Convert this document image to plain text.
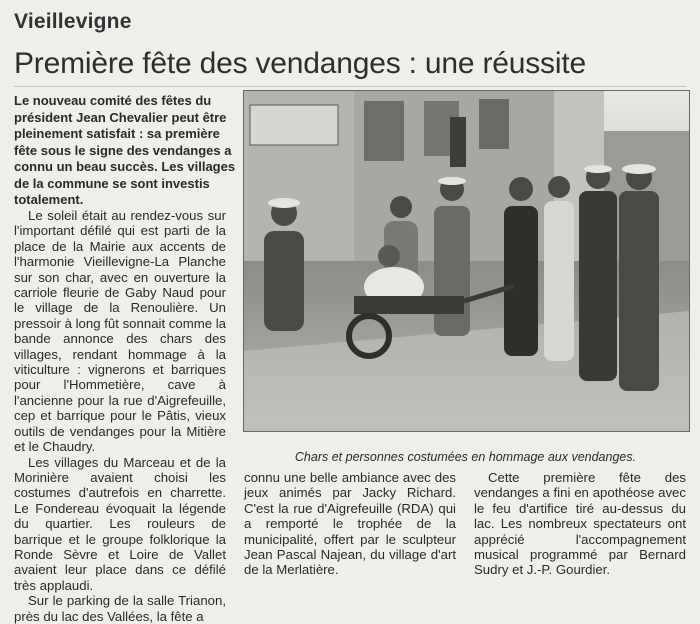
Vieillevigne
Première fête des vendanges : une réussite
Le nouveau comité des fêtes du président Jean Chevalier peut être pleinement satisfait : sa première fête sous le signe des vendanges a connu un beau succès. Les villages de la commune se sont investis totalement.

Le soleil était au rendez-vous sur l'important défilé qui est parti de la place de la Mairie aux accents de l'harmonie Vieillevigne-La Planche sur son char, avec en ouverture la carriole fleurie de Gaby Naud pour le village de la Renoulière. Un pressoir à long fût sonnait comme la bande annonce des chars des villages, rendant hommage à la viticulture : vignerons et barriques pour l'Hommetière, cave à l'ancienne pour la rue d'Aigrefeuille, cep et barrique pour le Pâtis, vieux outils de vendanges pour la Mitière et le Chaudry.

Les villages du Marceau et de la Morinière avaient choisi les costumes d'autrefois en charrette. Le Fondereau évoquait la légende du quartier. Les rouleurs de barrique et le groupe folklorique la Ronde Sèvre et Loire de Vallet avaient leur place dans ce défilé très applaudi.

Sur le parking de la salle Trianon, près du lac des Vallées, la fête a

Chars et personnes costumées en hommage aux vendanges.

connu une belle ambiance avec des jeux animés par Jacky Richard. C'est la rue d'Aigrefeuille (RDA) qui a remporté le trophée de la municipalité, offert par le sculpteur Jean Pascal Najean, du village d'art de la Merlatière.

Cette première fête des vendanges a fini en apothéose avec le feu d'artifice tiré au-dessus du lac. Les nombreux spectateurs ont apprécié l'accompagnement musical programmé par Bernard Sudry et J.-P. Gourdier.
